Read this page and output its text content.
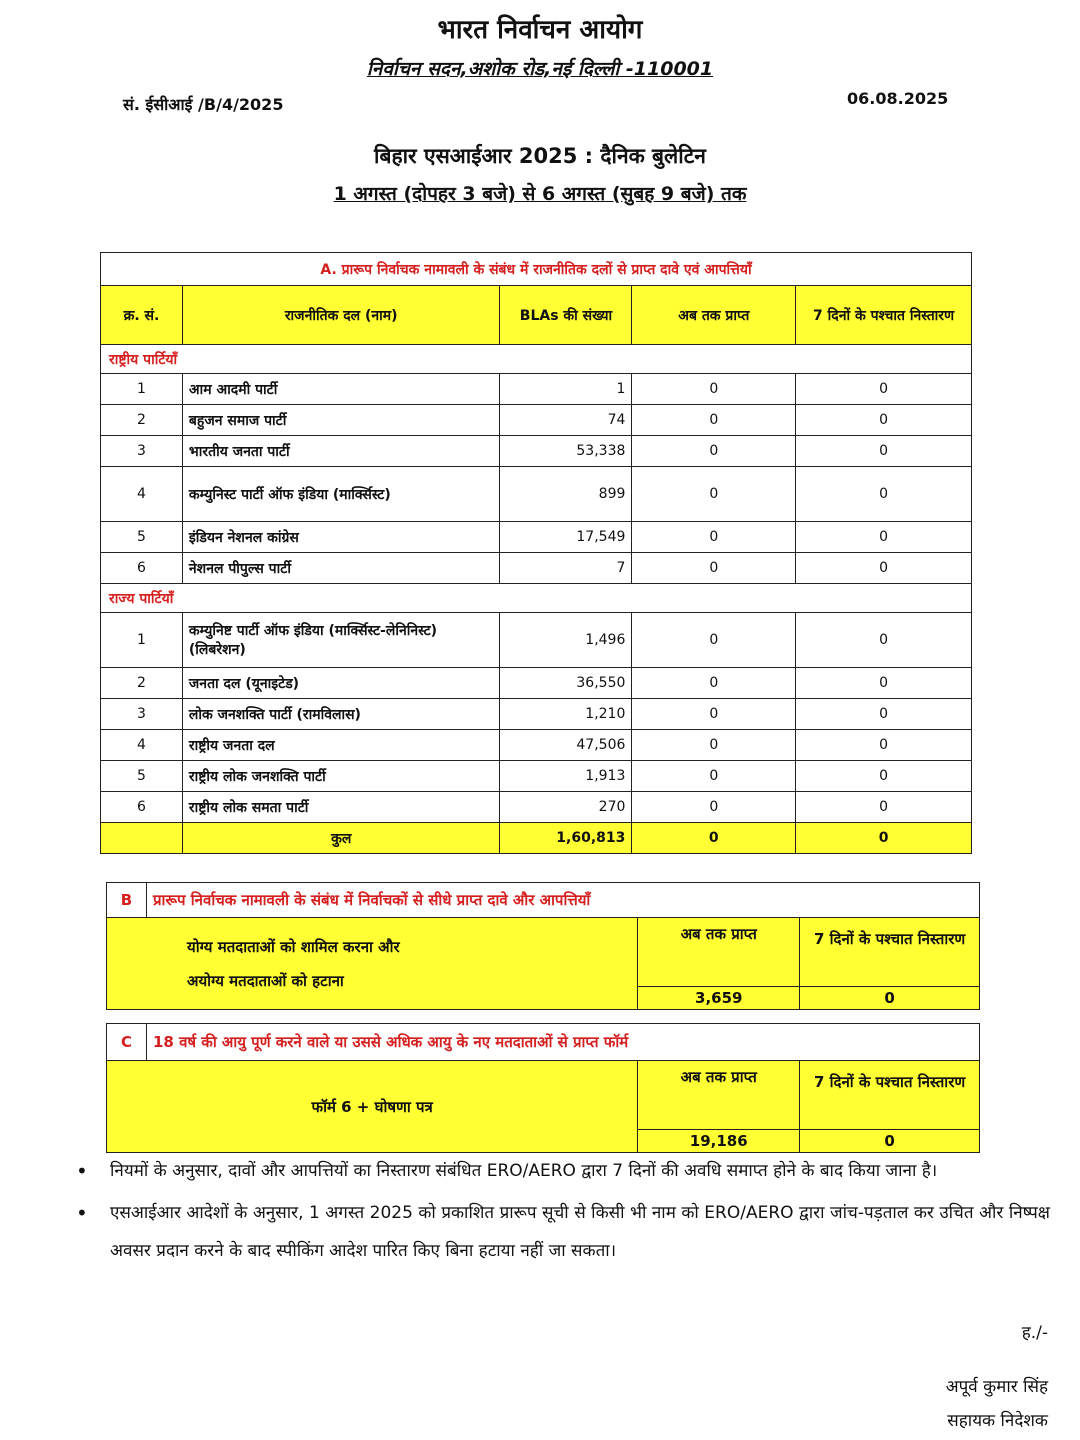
भारत निर्वाचन आयोग
निर्वाचन सदन,अशोक रोड,नई दिल्ली -110001
सं. ईसीआई /B/4/2025	06.08.2025
बिहार एसआईआर 2025 : दैनिक बुलेटिन
1 अगस्त (दोपहर 3 बजे) से 6 अगस्त (सुबह 9 बजे) तक
A. प्रारूप निर्वाचक नामावली के संबंध में राजनीतिक दलों से प्राप्त दावे एवं आपत्तियाँ				
क्र. सं.	राजनीतिक दल (नाम)	BLAs की संख्या	अब तक प्राप्त	7 दिनों के पश्चात निस्तारण
राष्ट्रीय पार्टियाँ				
1	आम आदमी पार्टी	1	0	0
2	बहुजन समाज पार्टी	74	0	0
3	भारतीय जनता पार्टी	53,338	0	0
4	कम्युनिस्ट पार्टी ऑफ इंडिया (मार्क्सिस्ट)	899	0	0
5	इंडियन नेशनल कांग्रेस	17,549	0	0
6	नेशनल पीपुल्स पार्टी	7	0	0
राज्य पार्टियाँ				
1	कम्युनिष्ट पार्टी ऑफ इंडिया (मार्क्सिस्ट-लेनिनिस्ट) (लिबरेशन)	1,496	0	0
2	जनता दल (यूनाइटेड)	36,550	0	0
3	लोक जनशक्ति पार्टी (रामविलास)	1,210	0	0
4	राष्ट्रीय जनता दल	47,506	0	0
5	राष्ट्रीय लोक जनशक्ति पार्टी	1,913	0	0
6	राष्ट्रीय लोक समता पार्टी	270	0	0
	कुल	1,60,813	0	0
B	प्रारूप निर्वाचक नामावली के संबंध में निर्वाचकों से सीधे प्राप्त दावे और आपत्तियाँ		

योग्य मतदाताओं को शामिल करना और
अयोग्य मतदाताओं को हटाना		अब तक प्राप्त	7 दिनों के पश्चात निस्तारण
		3,659	0
C	18 वर्ष की आयु पूर्ण करने वाले या उससे अधिक आयु के नए मतदाताओं से प्राप्त फॉर्म		
फॉर्म 6 + घोषणा पत्र		अब तक प्राप्त	7 दिनों के पश्चात निस्तारण
		19,186	0
• नियमों के अनुसार, दावों और आपत्तियों का निस्तारण संबंधित ERO/AERO द्वारा 7 दिनों की अवधि समाप्त होने के बाद किया जाना है।
• एसआईआर आदेशों के अनुसार, 1 अगस्त 2025 को प्रकाशित प्रारूप सूची से किसी भी नाम को ERO/AERO द्वारा जांच-पड़ताल कर उचित और निष्पक्ष अवसर प्रदान करने के बाद स्पीकिंग आदेश पारित किए बिना हटाया नहीं जा सकता।
ह./-
अपूर्व कुमार सिंह
सहायक निदेशक
